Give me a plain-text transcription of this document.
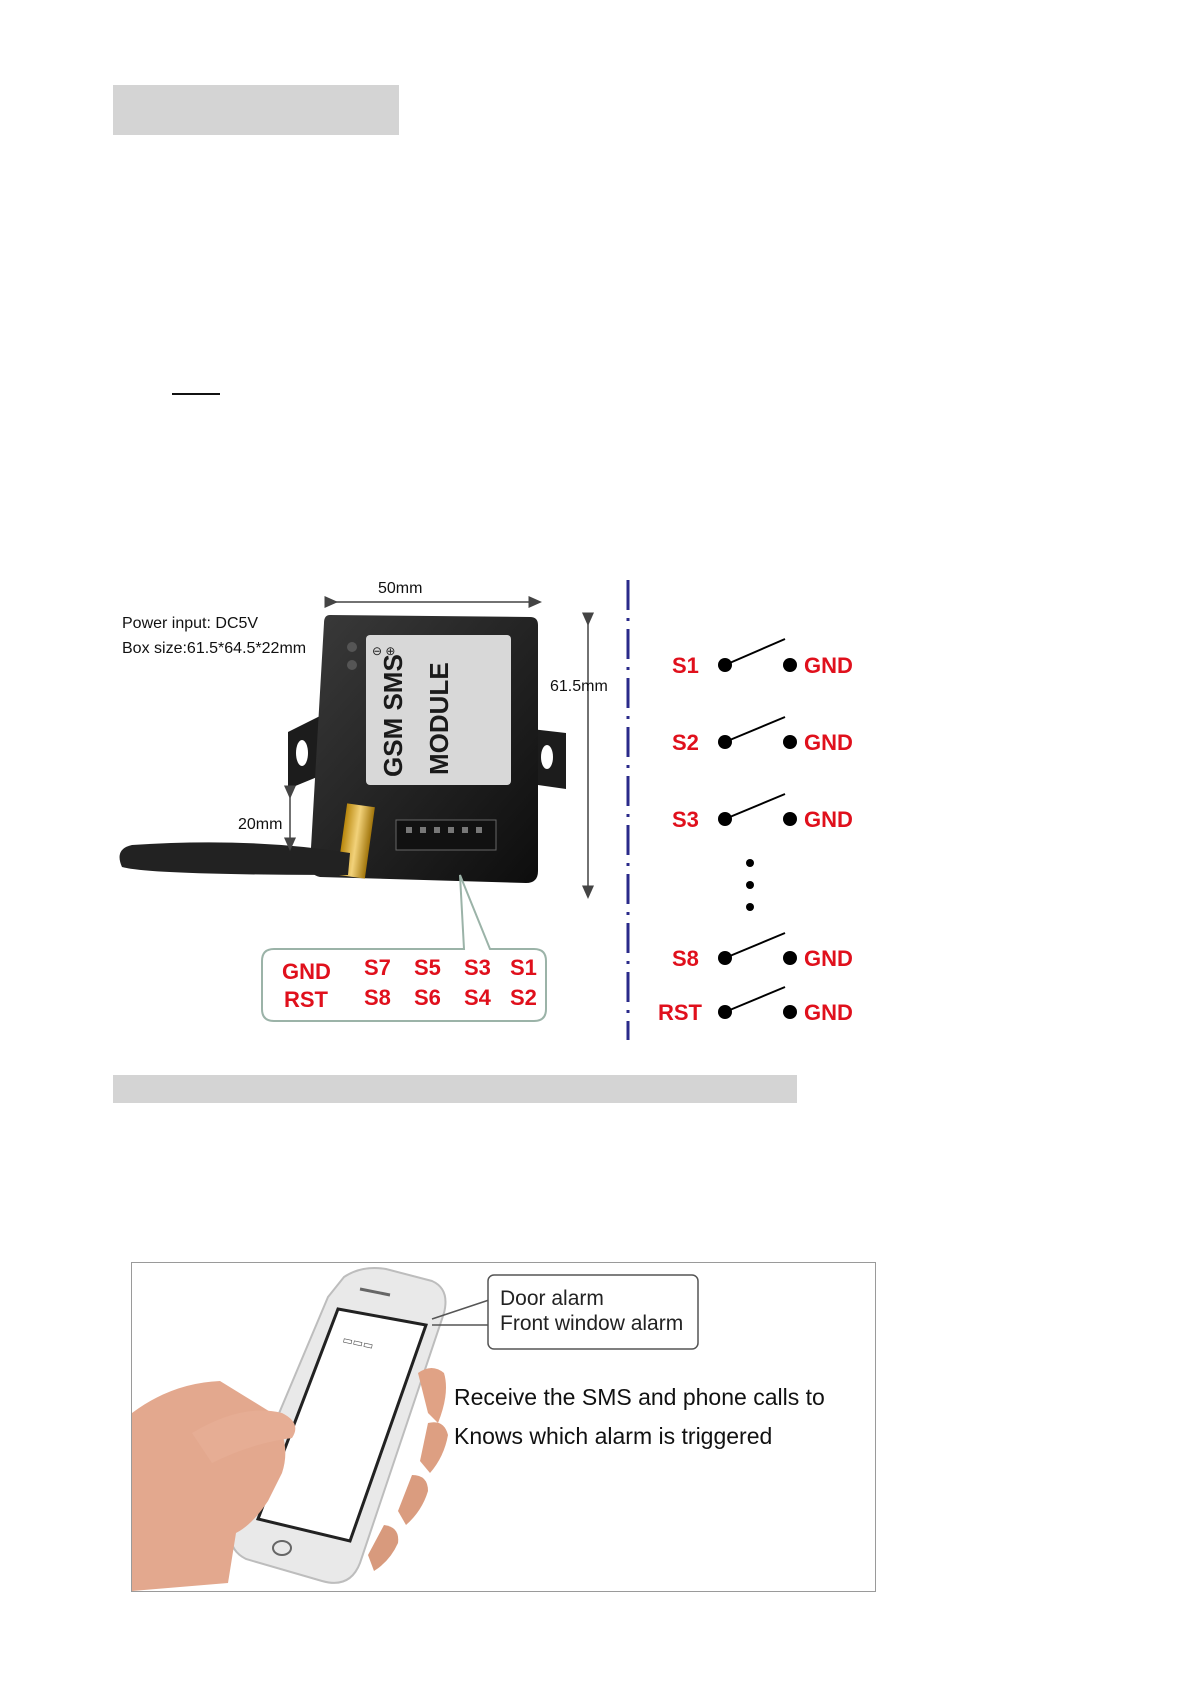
Power input: DC5V
Box size:61.5*64.5*22mm
50mm
61.5mm
GSM SMS MODULE
⊖ ⊕
20mm
GND S7 S5 S3 S1
RST S8 S6 S4 S2
S1	GND
S2	GND
S3	GND
S8	GND
RST	GND
▭▭▭
Door alarm
Front window alarm
Receive the SMS and phone calls to
Knows which alarm is triggered
